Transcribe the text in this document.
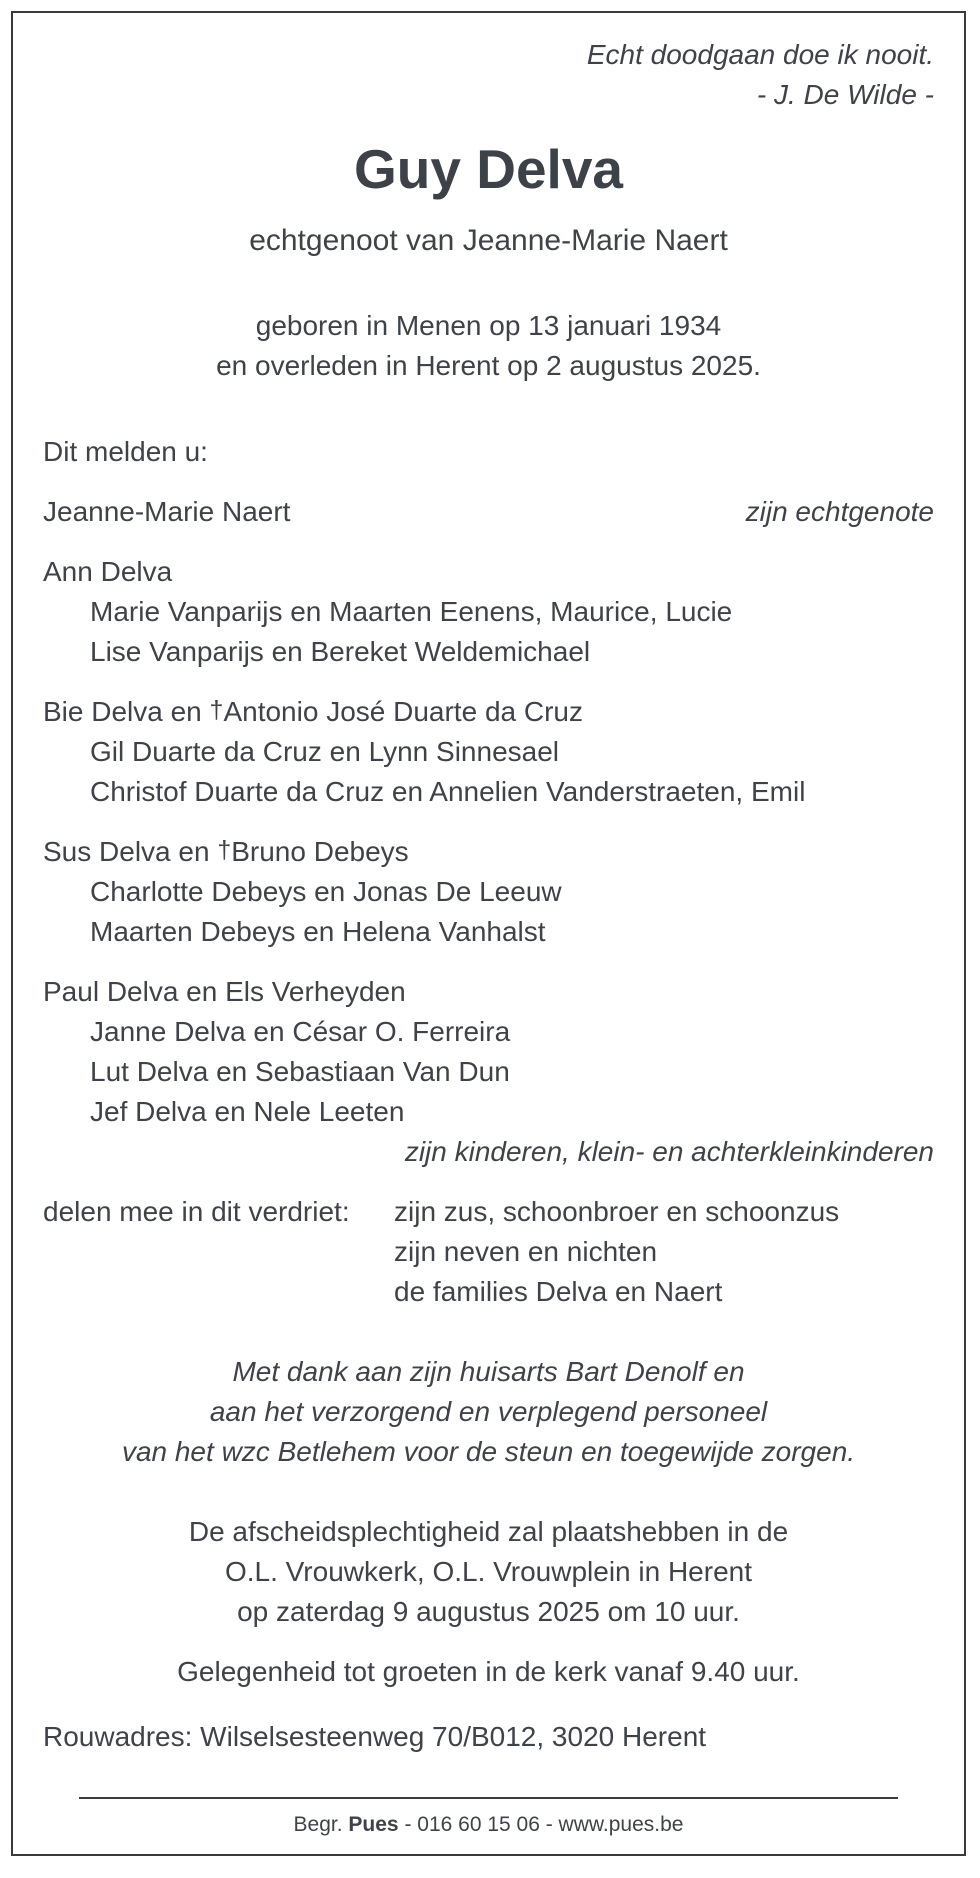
Echt doodgaan doe ik nooit.
- J. De Wilde -
Guy Delva
echtgenoot van Jeanne-Marie Naert
geboren in Menen op 13 januari 1934
en overleden in Herent op 2 augustus 2025.
Dit melden u:
Jeanne-Marie Naert	zijn echtgenote
Ann Delva
Marie Vanparijs en Maarten Eenens, Maurice, Lucie
Lise Vanparijs en Bereket Weldemichael
Bie Delva en †Antonio José Duarte da Cruz
Gil Duarte da Cruz en Lynn Sinnesael
Christof Duarte da Cruz en Annelien Vanderstraeten, Emil
Sus Delva en †Bruno Debeys
Charlotte Debeys en Jonas De Leeuw
Maarten Debeys en Helena Vanhalst
Paul Delva en Els Verheyden
Janne Delva en César O. Ferreira
Lut Delva en Sebastiaan Van Dun
Jef Delva en Nele Leeten
zijn kinderen, klein- en achterkleinkinderen
delen mee in dit verdriet: zijn zus, schoonbroer en schoonzus
zijn neven en nichten
de families Delva en Naert
Met dank aan zijn huisarts Bart Denolf en
aan het verzorgend en verplegend personeel
van het wzc Betlehem voor de steun en toegewijde zorgen.
De afscheidsplechtigheid zal plaatshebben in de
O.L. Vrouwkerk, O.L. Vrouwplein in Herent
op zaterdag 9 augustus 2025 om 10 uur.
Gelegenheid tot groeten in de kerk vanaf 9.40 uur.
Rouwadres: Wilselsesteenweg 70/B012, 3020 Herent
Begr. Pues - 016 60 15 06 - www.pues.be
